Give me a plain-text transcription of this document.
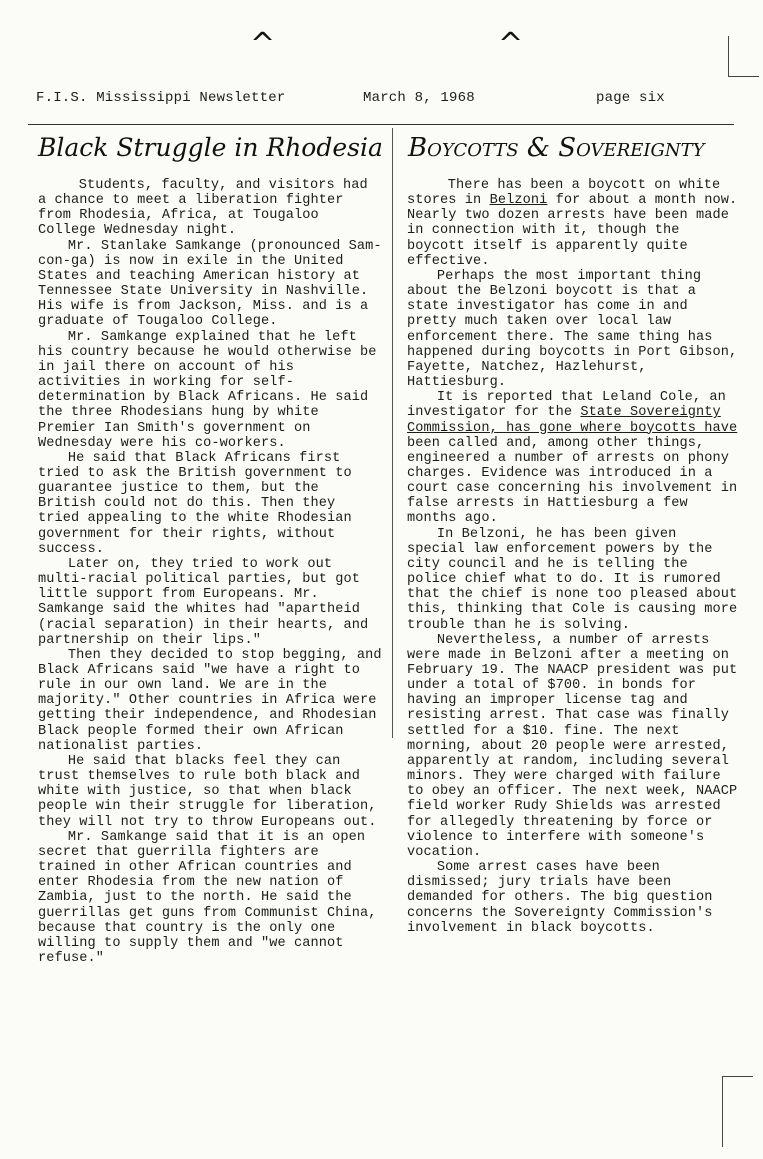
^	^
F.I.S. Mississippi Newsletter	March 8, 1968	page six
Black Struggle in Rhodesia Boycotts & Sovereignty

Students, faculty, and visitors had a chance to meet a liberation fighter from Rhodesia, Africa, at Tougaloo College Wednesday night.

Mr. Stanlake Samkange (pronounced Sam-con-ga) is now in exile in the United States and teaching American history at Tennessee State University in Nashville. His wife is from Jackson, Miss. and is a graduate of Tougaloo College.

Mr. Samkange explained that he left his country because he would otherwise be in jail there on account of his activities in working for self-determination by Black Africans. He said the three Rhodesians hung by white Premier Ian Smith's government on Wednesday were his co-workers.

He said that Black Africans first tried to ask the British government to guarantee justice to them, but the British could not do this. Then they tried appealing to the white Rhodesian government for their rights, without success.

Later on, they tried to work out multi-racial political parties, but got little support from Europeans. Mr. Samkange said the whites had "apartheid (racial separation) in their hearts, and partnership on their lips."

Then they decided to stop begging, and Black Africans said "we have a right to rule in our own land. We are in the majority." Other countries in Africa were getting their independence, and Rhodesian Black people formed their own African nationalist parties.

He said that blacks feel they can trust themselves to rule both black and white with justice, so that when black people win their struggle for liberation, they will not try to throw Europeans out.

Mr. Samkange said that it is an open secret that guerrilla fighters are trained in other African countries and enter Rhodesia from the new nation of Zambia, just to the north. He said the guerrillas get guns from Communist China, because that country is the only one willing to supply them and "we cannot refuse."

There has been a boycott on white stores in Belzoni for about a month now. Nearly two dozen arrests have been made in connection with it, though the boycott itself is apparently quite effective.

Perhaps the most important thing about the Belzoni boycott is that a state investigator has come in and pretty much taken over local law enforcement there. The same thing has happened during boycotts in Port Gibson, Fayette, Natchez, Hazlehurst, Hattiesburg.

It is reported that Leland Cole, an investigator for the State Sovereignty Commission, has gone where boycotts have been called and, among other things, engineered a number of arrests on phony charges. Evidence was introduced in a court case concerning his involvement in false arrests in Hattiesburg a few months ago.

In Belzoni, he has been given special law enforcement powers by the city council and he is telling the police chief what to do. It is rumored that the chief is none too pleased about this, thinking that Cole is causing more trouble than he is solving.

Nevertheless, a number of arrests were made in Belzoni after a meeting on February 19. The NAACP president was put under a total of $700. in bonds for having an improper license tag and resisting arrest. That case was finally settled for a $10. fine. The next morning, about 20 people were arrested, apparently at random, including several minors. They were charged with failure to obey an officer. The next week, NAACP field worker Rudy Shields was arrested for allegedly threatening by force or violence to interfere with someone's vocation.

Some arrest cases have been dismissed; jury trials have been demanded for others. The big question concerns the Sovereignty Commission's involvement in black boycotts.
